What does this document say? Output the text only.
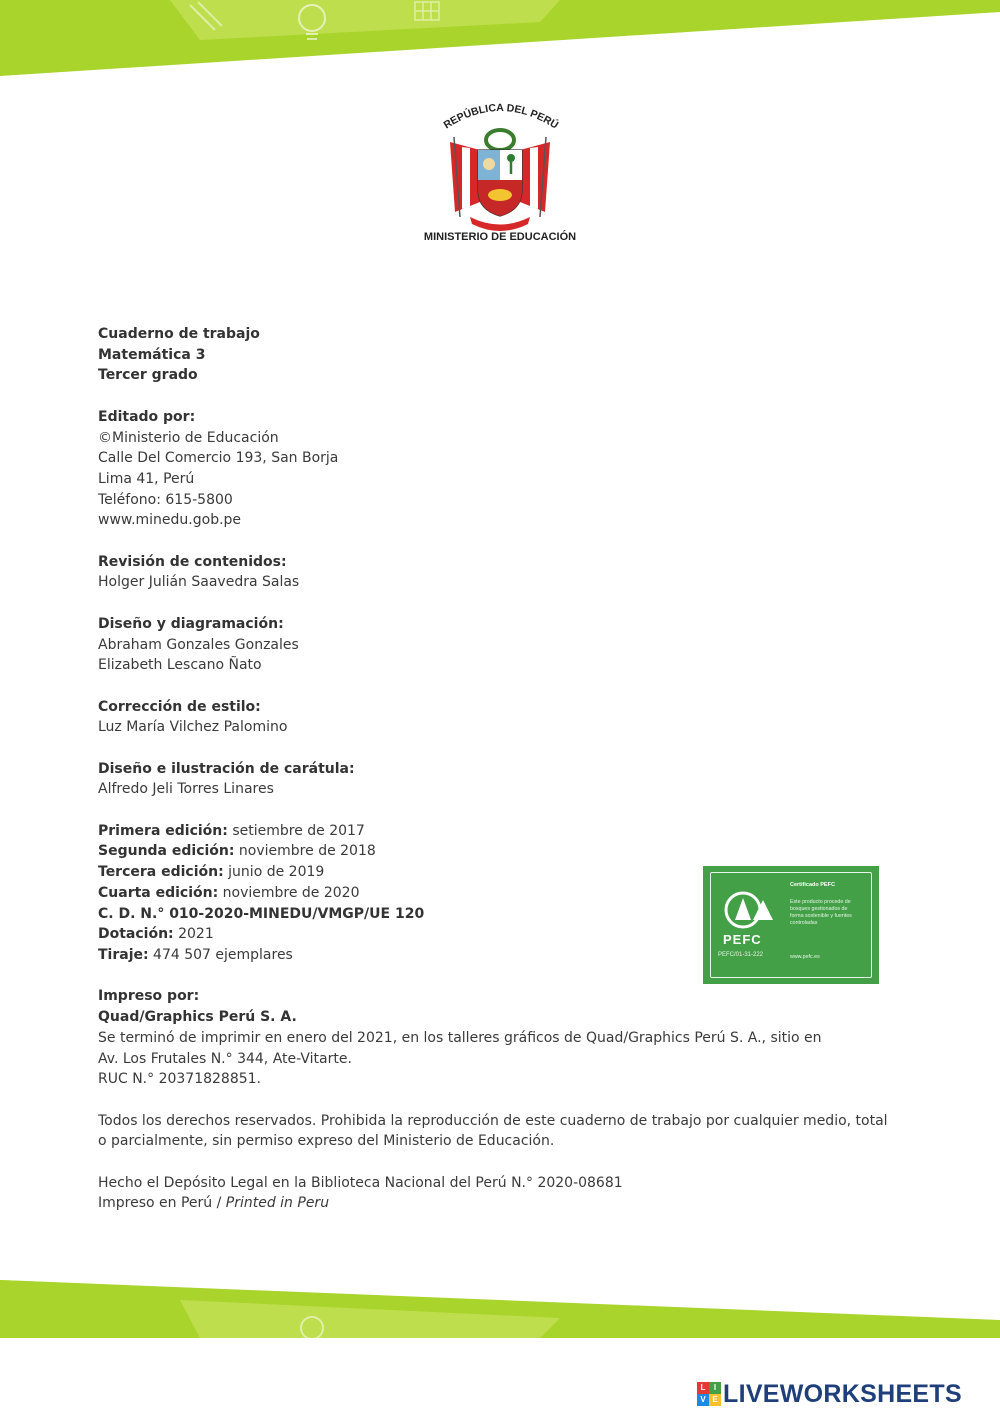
REPÚBLICA DEL PERÚ
MINISTERIO DE EDUCACIÓN
Cuaderno de trabajo
Matemática 3
Tercer grado
Editado por:
©Ministerio de Educación
Calle Del Comercio 193, San Borja
Lima 41, Perú
Teléfono: 615-5800
www.minedu.gob.pe
Revisión de contenidos:
Holger Julián Saavedra Salas
Diseño y diagramación:
Abraham Gonzales Gonzales
Elizabeth Lescano Ñato
Corrección de estilo:
Luz María Vilchez Palomino
Diseño e ilustración de carátula:
Alfredo Jeli Torres Linares
Primera edición: setiembre de 2017
Segunda edición: noviembre de 2018
Tercera edición: junio de 2019
Cuarta edición: noviembre de 2020
C. D. N.° 010-2020-MINEDU/VMGP/UE 120
Dotación: 2021
Tiraje: 474 507 ejemplares
Impreso por:
Quad/Graphics Perú S. A.
Se terminó de imprimir en enero del 2021, en los talleres gráficos de Quad/Graphics Perú S. A., sitio en
Av. Los Frutales N.° 344, Ate-Vitarte.
RUC N.° 20371828851.
Todos los derechos reservados. Prohibida la reproducción de este cuaderno de trabajo por cualquier medio, total
o parcialmente, sin permiso expreso del Ministerio de Educación.
Hecho el Depósito Legal en la Biblioteca Nacional del Perú N.° 2020-08681
Impreso en Perú / Printed in Peru
PEFC
PEFC/01-31-222
Certificado PEFC
Este producto procede de bosques gestionados de forma sostenible y fuentes controladas
www.pefc.es
L	I
V E LIVEWORKSHEETS
